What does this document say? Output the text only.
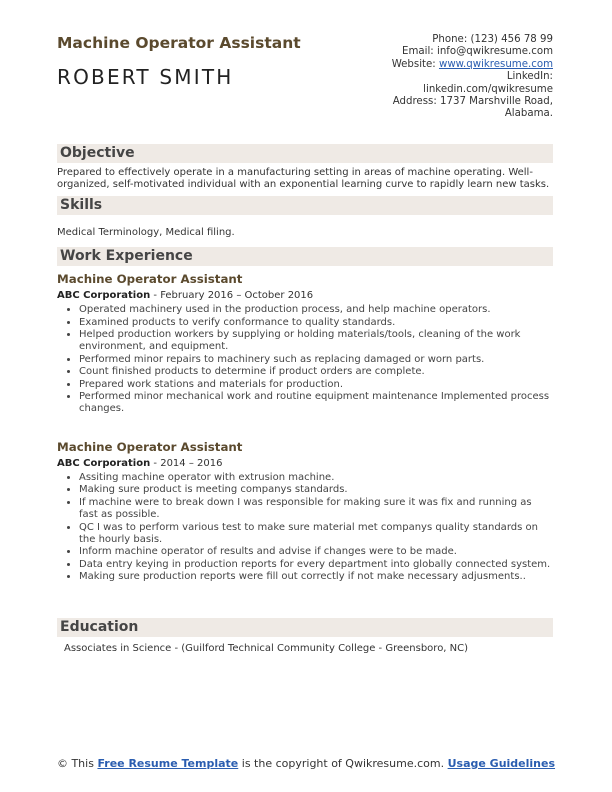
Machine Operator Assistant
ROBERT SMITH
Phone: (123) 456 78 99
Email: info@qwikresume.com
Website: www.qwikresume.com
LinkedIn:
linkedin.com/qwikresume
Address: 1737 Marshville Road,
Alabama.
Objective
Prepared to effectively operate in a manufacturing setting in areas of machine operating. Well-organized, self-motivated individual with an exponential learning curve to rapidly learn new tasks.
Skills
Medical Terminology, Medical filing.
Work Experience
Machine Operator Assistant
ABC Corporation - February 2016 – October 2016
• Operated machinery used in the production process, and help machine operators.
• Examined products to verify conformance to quality standards.
• Helped production workers by supplying or holding materials/tools, cleaning of the work environment, and equipment.
• Performed minor repairs to machinery such as replacing damaged or worn parts.
• Count finished products to determine if product orders are complete.
• Prepared work stations and materials for production.
• Performed minor mechanical work and routine equipment maintenance Implemented process changes.
Machine Operator Assistant
ABC Corporation - 2014 – 2016
• Assiting machine operator with extrusion machine.
• Making sure product is meeting companys standards.
• If machine were to break down I was responsible for making sure it was fix and running as fast as possible.
• QC I was to perform various test to make sure material met companys quality standards on the hourly basis.
• Inform machine operator of results and advise if changes were to be made.
• Data entry keying in production reports for every department into globally connected system.
• Making sure production reports were fill out correctly if not make necessary adjusments..
Education
Associates in Science - (Guilford Technical Community College - Greensboro, NC)
© This Free Resume Template is the copyright of Qwikresume.com. Usage Guidelines
